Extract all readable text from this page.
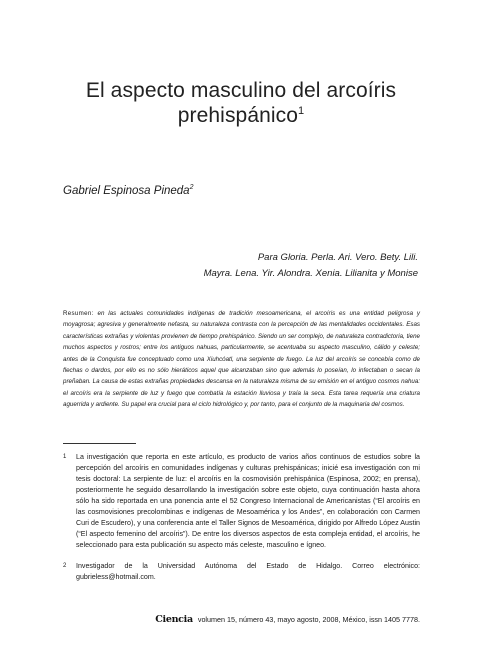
El aspecto masculino del arcoíris
prehispánico$^1$
Gabriel Espinosa Pineda$^2$
Para Gloria. Perla. Ari. Vero. Bety. Lili.
Mayra. Lena. Yir. Alondra. Xenia. Lilianita y Monise
Resumen: en las actuales comunidades indígenas de tradición mesoamericana, el arcoíris es una entidad peligrosa y moyagrosa; agresiva y generalmente nefasta, su naturaleza contrasta con la percepción de las mentalidades occidentales. Esas características extrañas y violentas provienen de tiempo prehispánico. Siendo un ser complejo, de naturaleza contradictoria, tiene muchos aspectos y rostros; entre los antiguos nahuas, particularmente, se acentuaba su aspecto masculino, cálido y celeste; antes de la Conquista fue conceptuado como una Xiuhcóatl, una serpiente de fuego. La luz del arcoíris se concebía como de flechas o dardos, por ello es no sólo hieráticos aquel que alcanzaban sino que además lo poseían, lo infectaban o secan la preñaban. La causa de estas extrañas propiedades descansa en la naturaleza misma de su emisión en el antiguo cosmos nahua: el arcoíris era la serpiente de luz y fuego que combatía la estación lluviosa y traía la seca. Esta tarea requería una criatura aguerrida y ardiente. Su papel era crucial para el ciclo hidrológico y, por tanto, para el conjunto de la maquinaria del cosmos.
1 La investigación que reporta en este artículo, es producto de varios años continuos de estudios sobre la percepción del arcoíris en comunidades indígenas y culturas prehispánicas; inicié esa investigación con mi tesis doctoral: La serpiente de luz: el arcoíris en la cosmovisión prehispánica (Espinosa, 2002; en prensa), posteriormente he seguido desarrollando la investigación sobre este objeto, cuya continuación hasta ahora sólo ha sido reportada en una ponencia ante el 52 Congreso Internacional de Americanistas (“El arcoíris en las cosmovisiones precolombinas e indígenas de Mesoamérica y los Andes”, en colaboración con Carmen Curi de Escudero), y una conferencia ante el Taller Signos de Mesoamérica, dirigido por Alfredo López Austin (“El aspecto femenino del arcoíris”). De entre los diversos aspectos de esta compleja entidad, el arcoíris, he seleccionado para esta publicación su aspecto más celeste, masculino e ígneo.
2 Investigador de la Universidad Autónoma del Estado de Hidalgo. Correo electrónico: gubrieless@hotmail.com.
Ciencia volumen 15, número 43, mayo agosto, 2008, México, issn 1405 7778.
